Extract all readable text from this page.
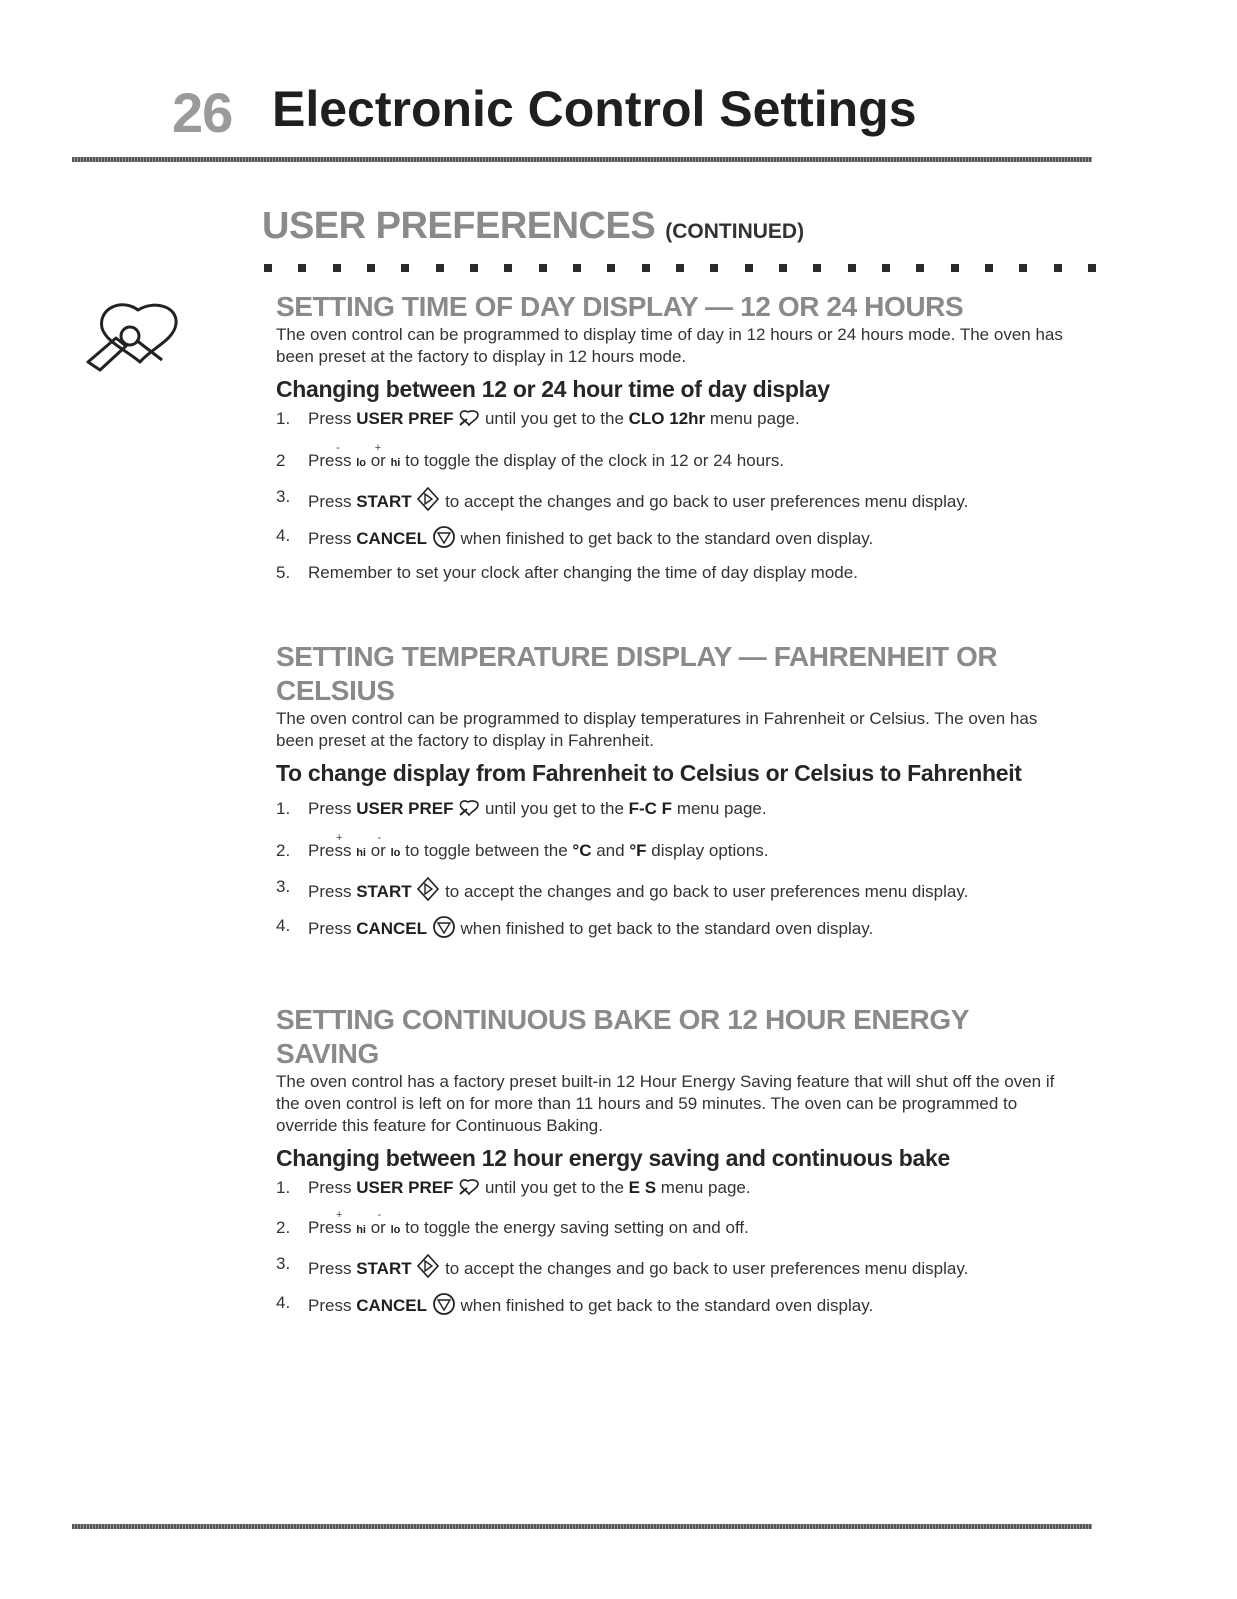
26 Electronic Control Settings
USER PREFERENCES (CONTINUED)
SETTING TIME OF DAY DISPLAY — 12 OR 24 HOURS

The oven control can be programmed to display time of day in 12 hours or 24 hours mode. The oven has been preset at the factory to display in 12 hours mode.

Changing between 12 or 24 hour time of day display
1. Press USER PREF until you get to the CLO 12hr menu page.
- +
2 Press lo or hi to toggle the display of the clock in 12 or 24 hours.
3. Press START to accept the changes and go back to user preferences menu display.
4. Press CANCEL when finished to get back to the standard oven display.
5. Remember to set your clock after changing the time of day display mode.
SETTING TEMPERATURE DISPLAY — FAHRENHEIT OR CELSIUS

The oven control can be programmed to display temperatures in Fahrenheit or Celsius. The oven has been preset at the factory to display in Fahrenheit.

To change display from Fahrenheit to Celsius or Celsius to Fahrenheit
1. Press USER PREF until you get to the F-C F menu page.
+ -
2. Press hi or lo to toggle between the °C and °F display options.
3. Press START to accept the changes and go back to user preferences menu display.
4. Press CANCEL when finished to get back to the standard oven display.
SETTING CONTINUOUS BAKE OR 12 HOUR ENERGY SAVING

The oven control has a factory preset built-in 12 Hour Energy Saving feature that will shut off the oven if the oven control is left on for more than 11 hours and 59 minutes. The oven can be programmed to override this feature for Continuous Baking.

Changing between 12 hour energy saving and continuous bake
1. Press USER PREF until you get to the E S menu page.
+ -
2. Press hi or lo to toggle the energy saving setting on and off.
3. Press START to accept the changes and go back to user preferences menu display.
4. Press CANCEL when finished to get back to the standard oven display.
